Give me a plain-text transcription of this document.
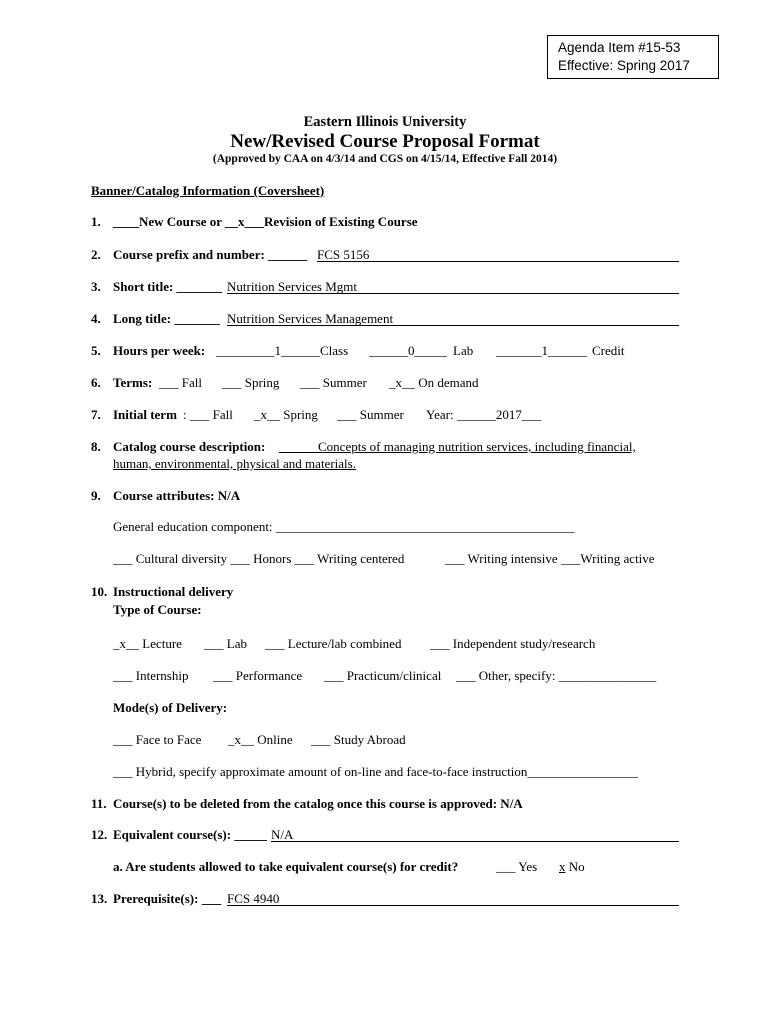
Agenda Item #15-53
Effective: Spring 2017
Eastern Illinois University
New/Revised Course Proposal Format
(Approved by CAA on 4/3/14 and CGS on 4/15/14, Effective Fall 2014)
Banner/Catalog Information (Coversheet)
1. ____New Course or __x___Revision of Existing Course
2. Course prefix and number: ______ FCS 5156
3. Short title: _______ Nutrition Services Mgmt
4. Long title: _______ Nutrition Services Management
5. Hours per week: _________1______ Class ______0_____ Lab _______1______ Credit
6. Terms: ___ Fall ___ Spring ___ Summer _x__ On demand
7. Initial term : ___ Fall _x__ Spring ___ Summer Year: ______2017___
8. Catalog course description: ______Concepts of managing nutrition services, including financial,
human, environmental, physical and materials.
9. Course attributes: N/A
General education component: ______________________________________________
___ Cultural diversity ___ Honors ___ Writing centered	___ Writing intensive ___Writing active
10. Instructional delivery
Type of Course:
_x__ Lecture ___ Lab ___ Lecture/lab combined ___ Independent study/research
___ Internship ___ Performance ___ Practicum/clinical ___ Other, specify: _______________
Mode(s) of Delivery:
___ Face to Face _x__ Online ___ Study Abroad
___ Hybrid, specify approximate amount of on-line and face-to-face instruction_________________
11. Course(s) to be deleted from the catalog once this course is approved: N/A
12. Equivalent course(s): _____ N/A
a. Are students allowed to take equivalent course(s) for credit?	___ Yes x No
13. Prerequisite(s): ___ FCS 4940
